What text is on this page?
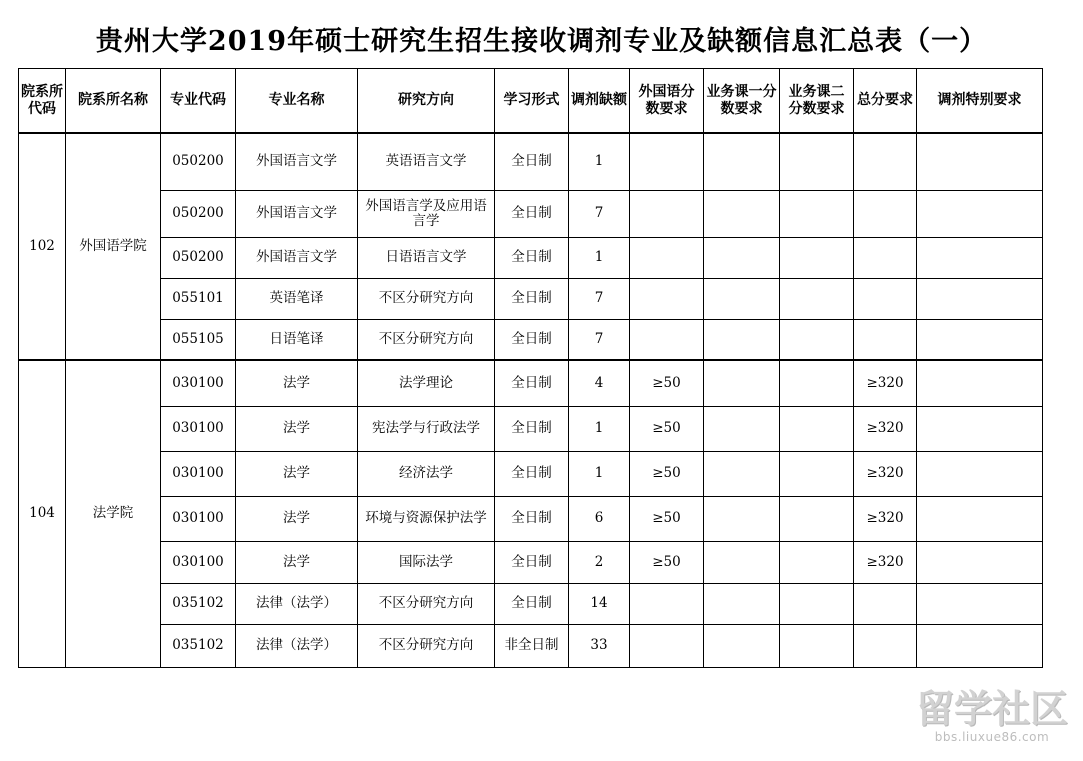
贵州大学2019年硕士研究生招生接收调剂专业及缺额信息汇总表（一）
院系所代码	院系所名称	专业代码	专业名称	研究方向	学习形式	调剂缺额	外国语分数要求	业务课一分数要求	业务课二分数要求	总分要求	调剂特别要求
102	外国语学院	050200	外国语言文学	英语语言文学	全日制	1					
		050200	外国语言文学	外国语言学及应用语言学	全日制	7					
		050200	外国语言文学	日语语言文学	全日制	1					
		055101	英语笔译	不区分研究方向	全日制	7					
		055105	日语笔译	不区分研究方向	全日制	7					
104	法学院	030100	法学	法学理论	全日制	4	≥50			≥320	
		030100	法学	宪法学与行政法学	全日制	1	≥50			≥320	
		030100	法学	经济法学	全日制	1	≥50			≥320	
		030100	法学	环境与资源保护法学	全日制	6	≥50			≥320	
		030100	法学	国际法学	全日制	2	≥50			≥320	
		035102	法律（法学）	不区分研究方向	全日制	14					
		035102	法律（法学）	不区分研究方向	非全日制	33					
留学社区
bbs.liuxue86.com
